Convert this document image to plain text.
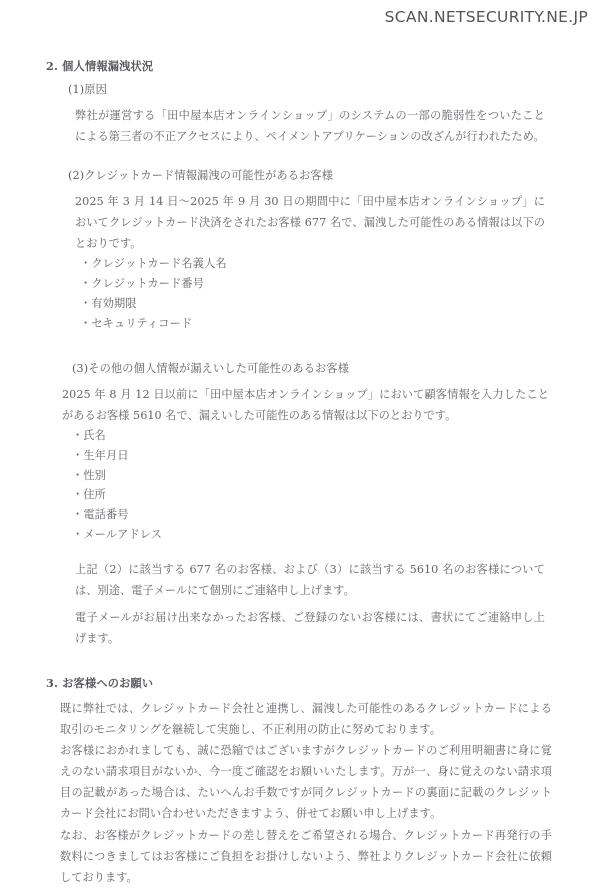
SCAN.NETSECURITY.NE.JP

2. 個人情報漏洩状況

(1)原因

弊社が運営する「田中屋本店オンラインショップ」のシステムの一部の脆弱性をついたことによる第三者の不正アクセスにより、ペイメントアプリケーションの改ざんが行われたため。

(2)クレジットカード情報漏洩の可能性があるお客様

2025 年 3 月 14 日～2025 年 9 月 30 日の期間中に「田中屋本店オンラインショップ」においてクレジットカード決済をされたお客様 677 名で、漏洩した可能性のある情報は以下のとおりです。

・ クレジットカード名義人名
・ クレジットカード番号
・ 有効期限
・ セキュリティコード

(3)その他の個人情報が漏えいした可能性のあるお客様

2025 年 8 月 12 日以前に「田中屋本店オンラインショップ」において顧客情報を入力したことがあるお客様 5610 名で、漏えいした可能性のある情報は以下のとおりです。

・ 氏名
・ 生年月日
・ 性別
・ 住所
・ 電話番号
・ メールアドレス

上記（2）に該当する 677 名のお客様、および（3）に該当する 5610 名のお客様については、別途、電子メールにて個別にご連絡申し上げます。

電子メールがお届け出来なかったお客様、ご登録のないお客様には、書状にてご連絡申し上げます。

3. お客様へのお願い

既に弊社では、クレジットカード会社と連携し、漏洩した可能性のあるクレジットカードによる取引のモニタリングを継続して実施し、不正利用の防止に努めております。

お客様におかれましても、誠に恐縮ではございますがクレジットカードのご利用明細書に身に覚えのない請求項目がないか、今一度ご確認をお願いいたします。万が一、身に覚えのない請求項目の記載があった場合は、たいへんお手数ですが同クレジットカードの裏面に記載のクレジットカード会社にお問い合わせいただきますよう、併せてお願い申し上げます。

なお、お客様がクレジットカードの差し替えをご希望される場合、クレジットカード再発行の手数料につきましてはお客様にご負担をお掛けしないよう、弊社よりクレジットカード会社に依頼しております。
